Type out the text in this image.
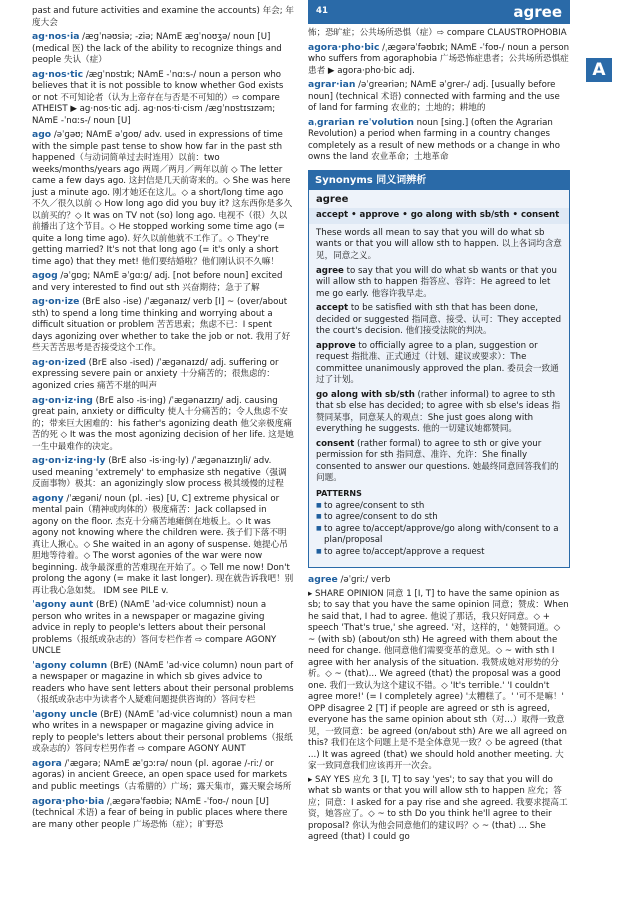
past and future activities and examine the accounts) 年会; 年度大会
ag·nos·ia /æɡˈnəʊsiə; -ziə; NAmE æɡˈnoʊʒə/ noun [U] (medical 医) the lack of the ability to recognize things and people 失认（症）
ag·nos·tic /æɡˈnɒstɪk; NAmE -ˈnɑːs-/ noun a person who believes that it is not possible to know whether God exists or not 不可知论者（认为上帝存在与否是不可知的）⇨ compare ATHEIST ▶ ag·nos·tic adj. ag·nos·ti·cism /æɡˈnɒstɪsɪzəm; NAmE -ˈnɑːs-/ noun [U]
ago /əˈɡəʊ; NAmE əˈɡoʊ/ adv. used in expressions of time with the simple past tense to show how far in the past sth happened（与动词简单过去时连用）以前：two weeks/months/years ago 两周／两月／两年以前 ◇ The letter came a few days ago. 这封信是几天前寄来的。◇ She was here just a minute ago. 刚才她还在这儿。◇ a short/long time ago 不久／很久以前 ◇ How long ago did you buy it? 这东西你是多久以前买的？◇ It was on TV not (so) long ago. 电视不（很）久以前播出了这个节目。◇ He stopped working some time ago (= quite a long time ago). 好久以前他就不工作了。◇ They're getting married? It's not that long ago (= it's only a short time ago) that they met! 他们要结婚啦？他们刚认识不久嘛！
agog /əˈɡɒɡ; NAmE əˈɡɑːɡ/ adj. [not before noun] excited and very interested to find out sth 兴奋期待；急于了解
ag·on·ize (BrE also -ise) /ˈæɡənaɪz/ verb [I] ~ (over/about sth) to spend a long time thinking and worrying about a difficult situation or problem 苦苦思索；焦虑不已：I spent days agonizing over whether to take the job or not. 我用了好些天苦苦思考是否接受这个工作。
ag·on·ized (BrE also -ised) /ˈæɡənaɪzd/ adj. suffering or expressing severe pain or anxiety 十分痛苦的；很焦虑的：agonized cries 痛苦不堪的叫声
ag·on·iz·ing (BrE also -is·ing) /ˈæɡənaɪzɪŋ/ adj. causing great pain, anxiety or difficulty 使人十分痛苦的；令人焦虑不安的；带来巨大困难的：his father's agonizing death 他父亲极度痛苦的死 ◇ It was the most agonizing decision of her life. 这是她一生中最难作的决定。
ag·on·iz·ing·ly (BrE also -is·ing·ly) /ˈæɡənaɪzɪŋli/ adv. used meaning 'extremely' to emphasize sth negative（强调反面事物）极其：an agonizingly slow process 极其缓慢的过程
agony /ˈæɡəni/ noun (pl. -ies) [U, C] extreme physical or mental pain（精神或肉体的）极度痛苦：Jack collapsed in agony on the floor. 杰克十分痛苦地瘫倒在地板上。◇ It was agony not knowing where the children were. 孩子们下落不明真让人揪心。◇ She waited in an agony of suspense. 她提心吊胆地等待着。◇ The worst agonies of the war were now beginning. 战争最深重的苦难现在开始了。◇ Tell me now! Don't prolong the agony (= make it last longer). 现在就告诉我吧！别再让我心急如焚。 IDM see PILE v.
ˈagony aunt (BrE) (NAmE ˈad·vice columnist) noun a person who writes in a newspaper or magazine giving advice in reply to people's letters about their personal problems（报纸或杂志的）答问专栏作者 ⇨ compare AGONY UNCLE
ˈagony column (BrE) (NAmE ˈad·vice column) noun part of a newspaper or magazine in which sb gives advice to readers who have sent letters about their personal problems（报纸或杂志中为读者个人疑难问题提供咨询的）答问专栏
ˈagony uncle (BrE) (NAmE ˈad·vice columnist) noun a man who writes in a newspaper or magazine giving advice in reply to people's letters about their personal problems（报纸或杂志的）答问专栏男作者 ⇨ compare AGONY AUNT
agora /ˈæɡərə; NAmE æˈɡɔːrə/ noun (pl. agorae /-riː/ or agoras) in ancient Greece, an open space used for markets and public meetings（古希腊的）广场；露天集市，露天聚会场所
agora·pho·bia /ˌæɡərəˈfəʊbiə; NAmE -ˈfoʊ-/ noun [U] (technical 术语) a fear of being in public places where there are many other people 广场恐怖（症）；旷野恐
41	agree
怖；恐旷症；公共场所恐惧（症）⇨ compare CLAUSTROPHOBIA
agora·pho·bic /ˌæɡərəˈfəʊbɪk; NAmE -ˈfoʊ-/ noun a person who suffers from agoraphobia 广场恐怖症患者；公共场所恐惧症患者 ▶ agora·pho·bic adj.
agrar·ian /əˈɡreəriən; NAmE əˈɡrer-/ adj. [usually before noun] (technical 术语) connected with farming and the use of land for farming 农业的；土地的；耕地的
aˌgrarian reˈvolution noun [sing.] (often the Agrarian Revolution) a period when farming in a country changes completely as a result of new methods or a change in who owns the land 农业革命；土地革命
Synonyms 同义词辨析
agree
accept • approve • go along with sb/sth • consent
These words all mean to say that you will do what sb wants or that you will allow sth to happen. 以上各词均含意见，同意之义。
agree to say that you will do what sb wants or that you will allow sth to happen 指答应、容许：He agreed to let me go early. 他容许我早走。
accept to be satisfied with sth that has been done, decided or suggested 指同意、接受、认可：They accepted the court's decision. 他们接受法院的判决。
approve to officially agree to a plan, suggestion or request 指批准、正式通过（计划、建议或要求）：The committee unanimously approved the plan. 委员会一致通过了计划。
go along with sb/sth (rather informal) to agree to sth that sb else has decided; to agree with sb else's ideas 指赞同某事，同意某人的观点：She just goes along with everything he suggests. 他的一切建议她都赞同。
consent (rather formal) to agree to sth or give your permission for sth 指同意、准许、允许：She finally consented to answer our questions. 她最终同意回答我们的问题。
PATTERNS
■ to agree/consent to sth
■ to agree/consent to do sth
■ to agree to/accept/approve/go along with/consent to a plan/proposal
■ to agree to/accept/approve a request
agree /əˈɡriː/ verb
▸ SHARE OPINION 同意 1 [I, T] to have the same opinion as sb; to say that you have the same opinion 同意；赞成：When he said that, I had to agree. 他说了那话，我只好同意。◇ + speech 'That's true,' she agreed. '对，这样的，' 她赞同道。◇ ~ (with sb) (about/on sth) He agreed with them about the need for change. 他同意他们需要变革的意见。◇ ~ with sth I agree with her analysis of the situation. 我赞成她对形势的分析。◇ ~ (that)... We agreed (that) the proposal was a good one. 我们一致认为这个建议不错。◇ 'It's terrible.' 'I couldn't agree more!' (= I completely agree) '太糟糕了。' '可不是嘛！' OPP disagree 2 [T] if people are agreed or sth is agreed, everyone has the same opinion about sth（对…）取得一致意见，一致同意：be agreed (on/about sth) Are we all agreed on this? 我们在这个问题上是不是全体意见一致？◇ be agreed (that ...) It was agreed (that) we should hold another meeting. 大家一致同意我们应该再开一次会。
▸ SAY YES 应允 3 [I, T] to say 'yes'; to say that you will do what sb wants or that you will allow sth to happen 应允；答应；同意：I asked for a pay rise and she agreed. 我要求提高工资，她答应了。◇ ~ to sth Do you think he'll agree to their proposal? 你认为他会同意他们的建议吗？◇ ~ (that) ... She agreed (that) I could go
A
